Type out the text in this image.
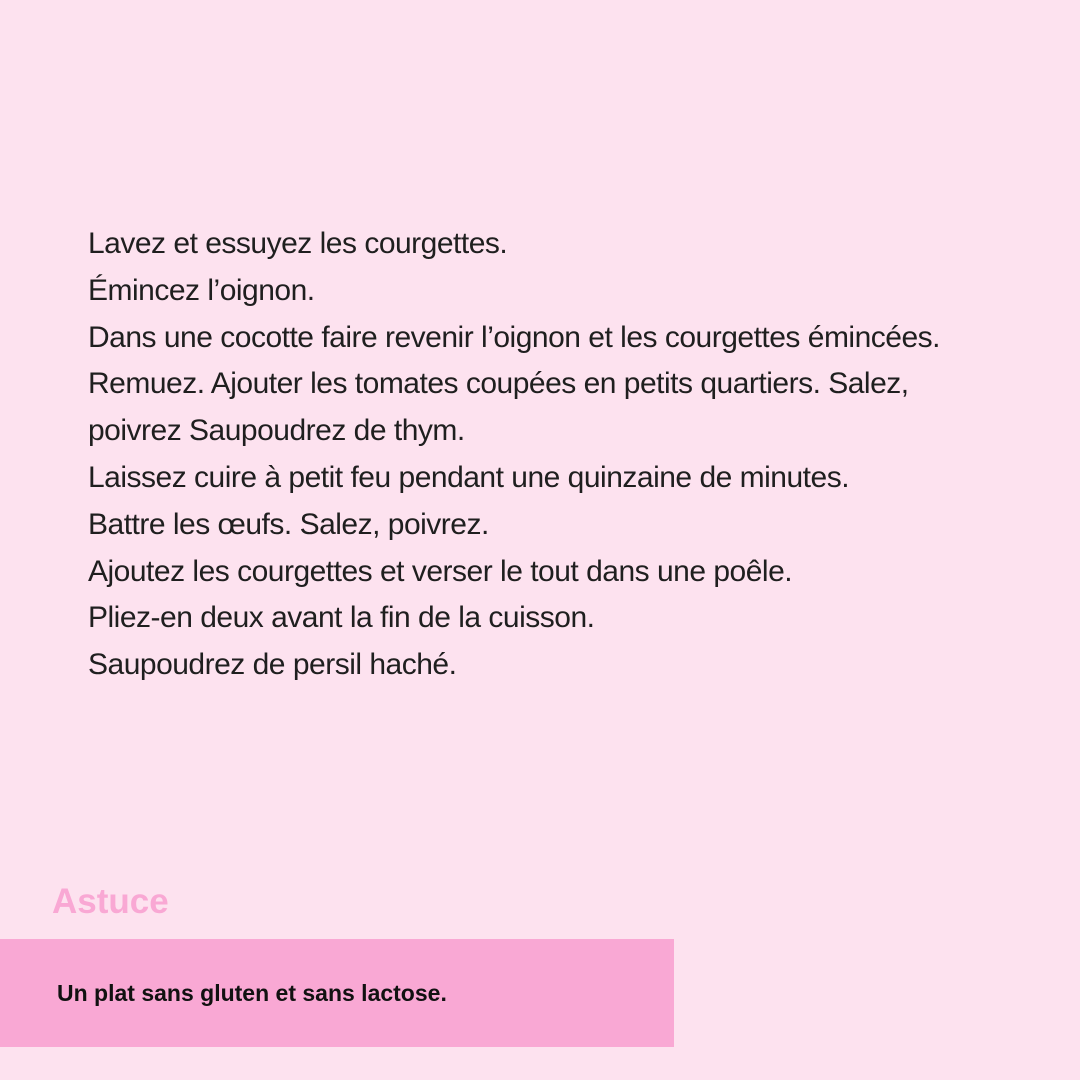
Lavez et essuyez les courgettes.
Émincez l’oignon.
Dans une cocotte faire revenir l’oignon et les courgettes émincées.
Remuez. Ajouter les tomates coupées en petits quartiers. Salez,
poivrez Saupoudrez de thym.
Laissez cuire à petit feu pendant une quinzaine de minutes.
Battre les œufs. Salez, poivrez.
Ajoutez les courgettes et verser le tout dans une poêle.
Pliez-en deux avant la fin de la cuisson.
Saupoudrez de persil haché.
Astuce
Un plat sans gluten et sans lactose.
